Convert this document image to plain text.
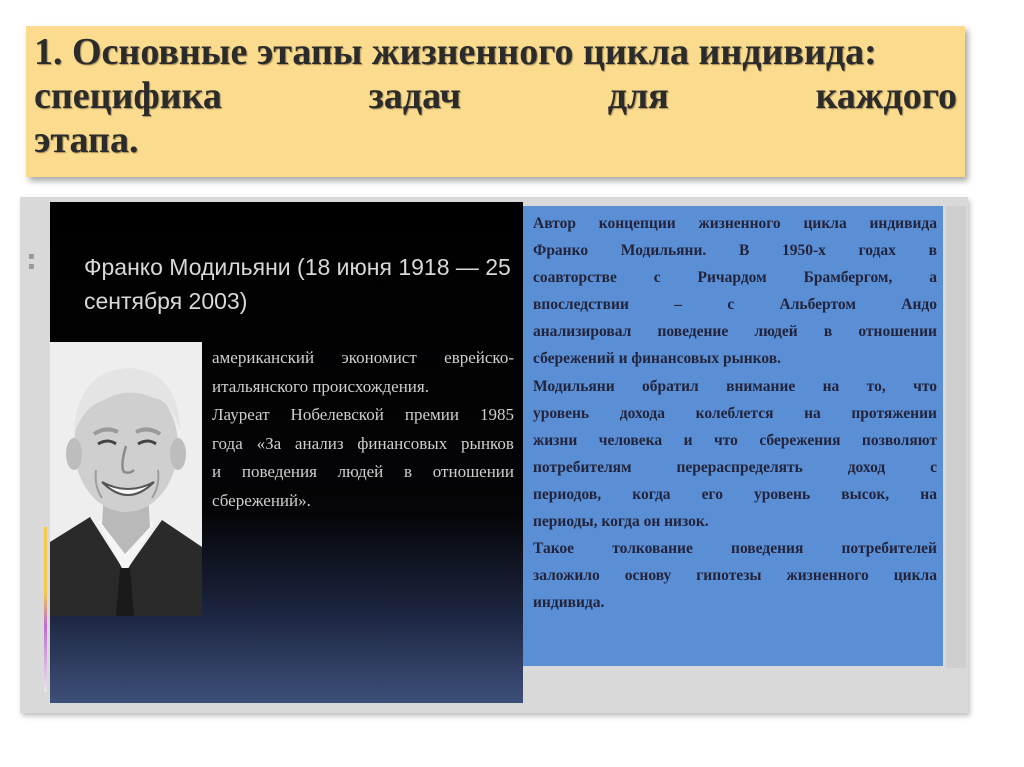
1. Основные этапы жизненного цикла индивида:
специфика	задач	для	каждого
этапа.
▪
▪ Франко Модильяни (18 июня 1918 — 25 сентября 2003)
американский экономист еврейско-
итальянского происхождения.
Лауреат Нобелевской премии 1985
года «За анализ финансовых рынков
и поведения людей в отношении
сбережений».
Автор концепции жизненного цикла индивида
Франко Модильяни. В 1950-х годах в
соавторстве с Ричардом Брамбергом, а
впоследствии	–	с	Альбертом	Андо
анализировал поведение людей в отношении
сбережений и финансовых рынков.
Модильяни обратил внимание на то, что
уровень дохода колеблется на протяжении
жизни человека и что сбережения позволяют
потребителям	перераспределять	доход	с
периодов, когда его уровень высок, на
периоды, когда он низок.
Такое толкование поведения потребителей
заложило основу гипотезы жизненного цикла
индивида.
